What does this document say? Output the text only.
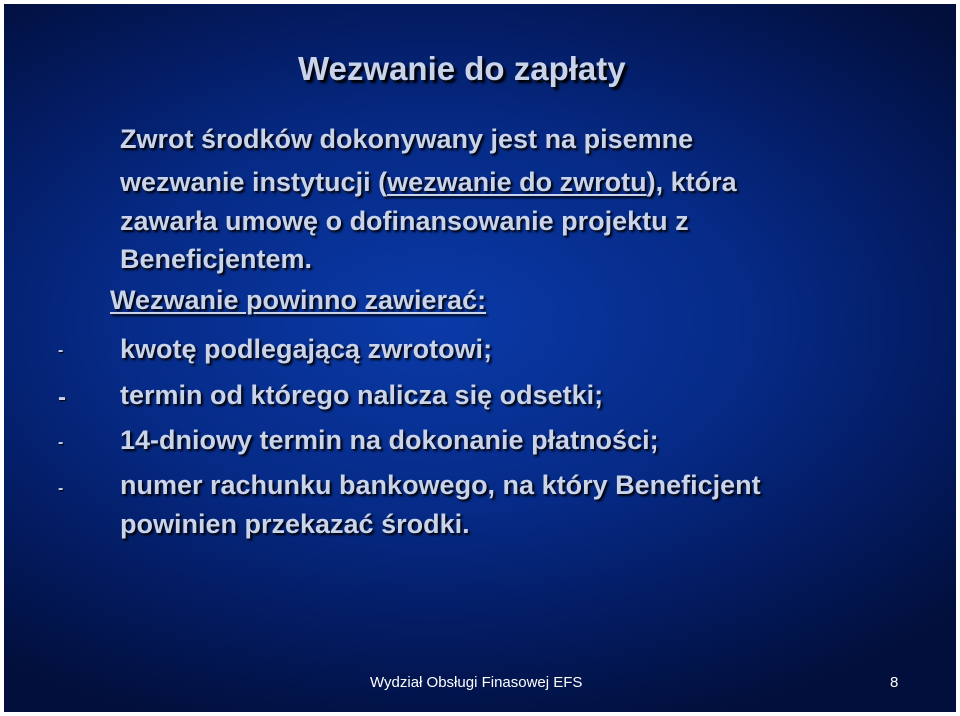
Wezwanie do zapłaty
Zwrot środków dokonywany jest na pisemne
wezwanie instytucji (wezwanie do zwrotu), która
zawarła umowę o dofinansowanie projektu z
Beneficjentem.
Wezwanie powinno zawierać:
- kwotę podlegającą zwrotowi;
- termin od którego nalicza się odsetki;
- 14-dniowy termin na dokonanie płatności;
- numer rachunku bankowego, na który Beneficjent
powinien przekazać środki.
Wydział Obsługi Finasowej EFS	8
